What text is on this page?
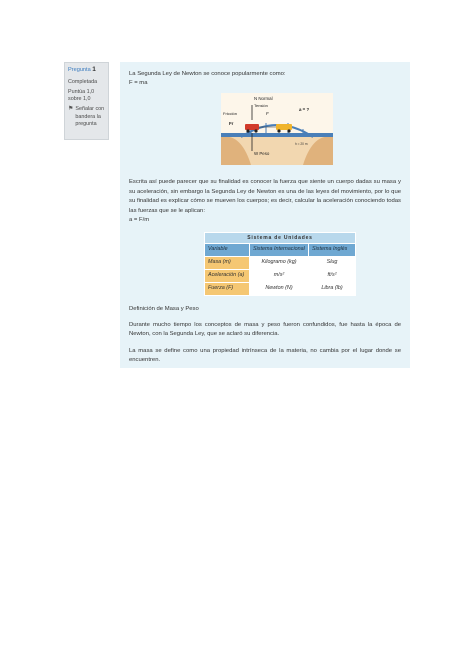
Pregunta 1
Completada
Puntúa 1,0 sobre 1,0
⚑ Señalar con bandera la pregunta

La Segunda Ley de Newton se conoce popularmente como:

F = ma

N Normal
Tensión
Fricción
Fr
F
a = ?
h = 20 m
W Peso

Escrita así puede parecer que su finalidad es conocer la fuerza que siente un cuerpo dadas su masa y su aceleración, sin embargo la Segunda Ley de Newton es una de las leyes del movimiento, por lo que su finalidad es explicar cómo se mueven los cuerpos; es decir, calcular la aceleración conociendo todas las fuerzas que se le aplican:

a = F/m

Sistema de Unidades		
Variable	Sistema Internacional	Sistema Inglés
Masa (m)	Kilogramo (kg)	Slug
Aceleración (a)	m/s²	ft/s²
Fuerza (F)	Newton (N)	Libra (lb)

Definición de Masa y Peso

Durante mucho tiempo los conceptos de masa y peso fueron confundidos, fue hasta la época de Newton, con la Segunda Ley, que se aclaró su diferencia.

La masa se define como una propiedad intrínseca de la materia, no cambia por el lugar donde se encuentren.
